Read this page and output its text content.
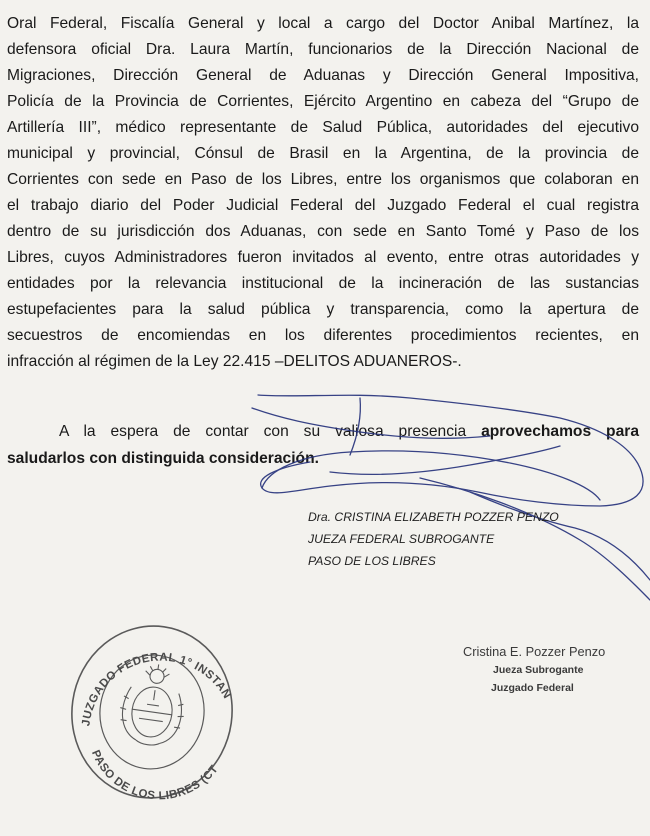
Oral Federal, Fiscalía General y local a cargo del Doctor Anibal Martínez, la
defensora oficial Dra. Laura Martín, funcionarios de la Dirección Nacional de
Migraciones, Dirección General de Aduanas y Dirección General Impositiva,
Policía de la Provincia de Corrientes, Ejército Argentino en cabeza del “Grupo de
Artillería III”, médico representante de Salud Pública, autoridades del ejecutivo
municipal y provincial, Cónsul de Brasil en la Argentina, de la provincia de
Corrientes con sede en Paso de los Libres, entre los organismos que colaboran en
el trabajo diario del Poder Judicial Federal del Juzgado Federal el cual registra
dentro de su jurisdicción dos Aduanas, con sede en Santo Tomé y Paso de los
Libres, cuyos Administradores fueron invitados al evento, entre otras autoridades y
entidades por la relevancia institucional de la incineración de las sustancias
estupefacientes para la salud pública y transparencia, como la apertura de
secuestros de encomiendas en los diferentes procedimientos recientes, en
infracción al régimen de la Ley 22.415 –DELITOS ADUANEROS-.
A la espera de contar con su valiosa presencia aprovechamos para
saludarlos con distinguida consideración.
Dra. CRISTINA ELIZABETH POZZER PENZO
JUEZA FEDERAL SUBROGANTE
PASO DE LOS LIBRES
JUZGADO FEDERAL 1° INSTANCIA
PASO DE LOS LIBRES (CTES.)
Cristina E. Pozzer Penzo
Jueza Subrogante
Juzgado Federal
